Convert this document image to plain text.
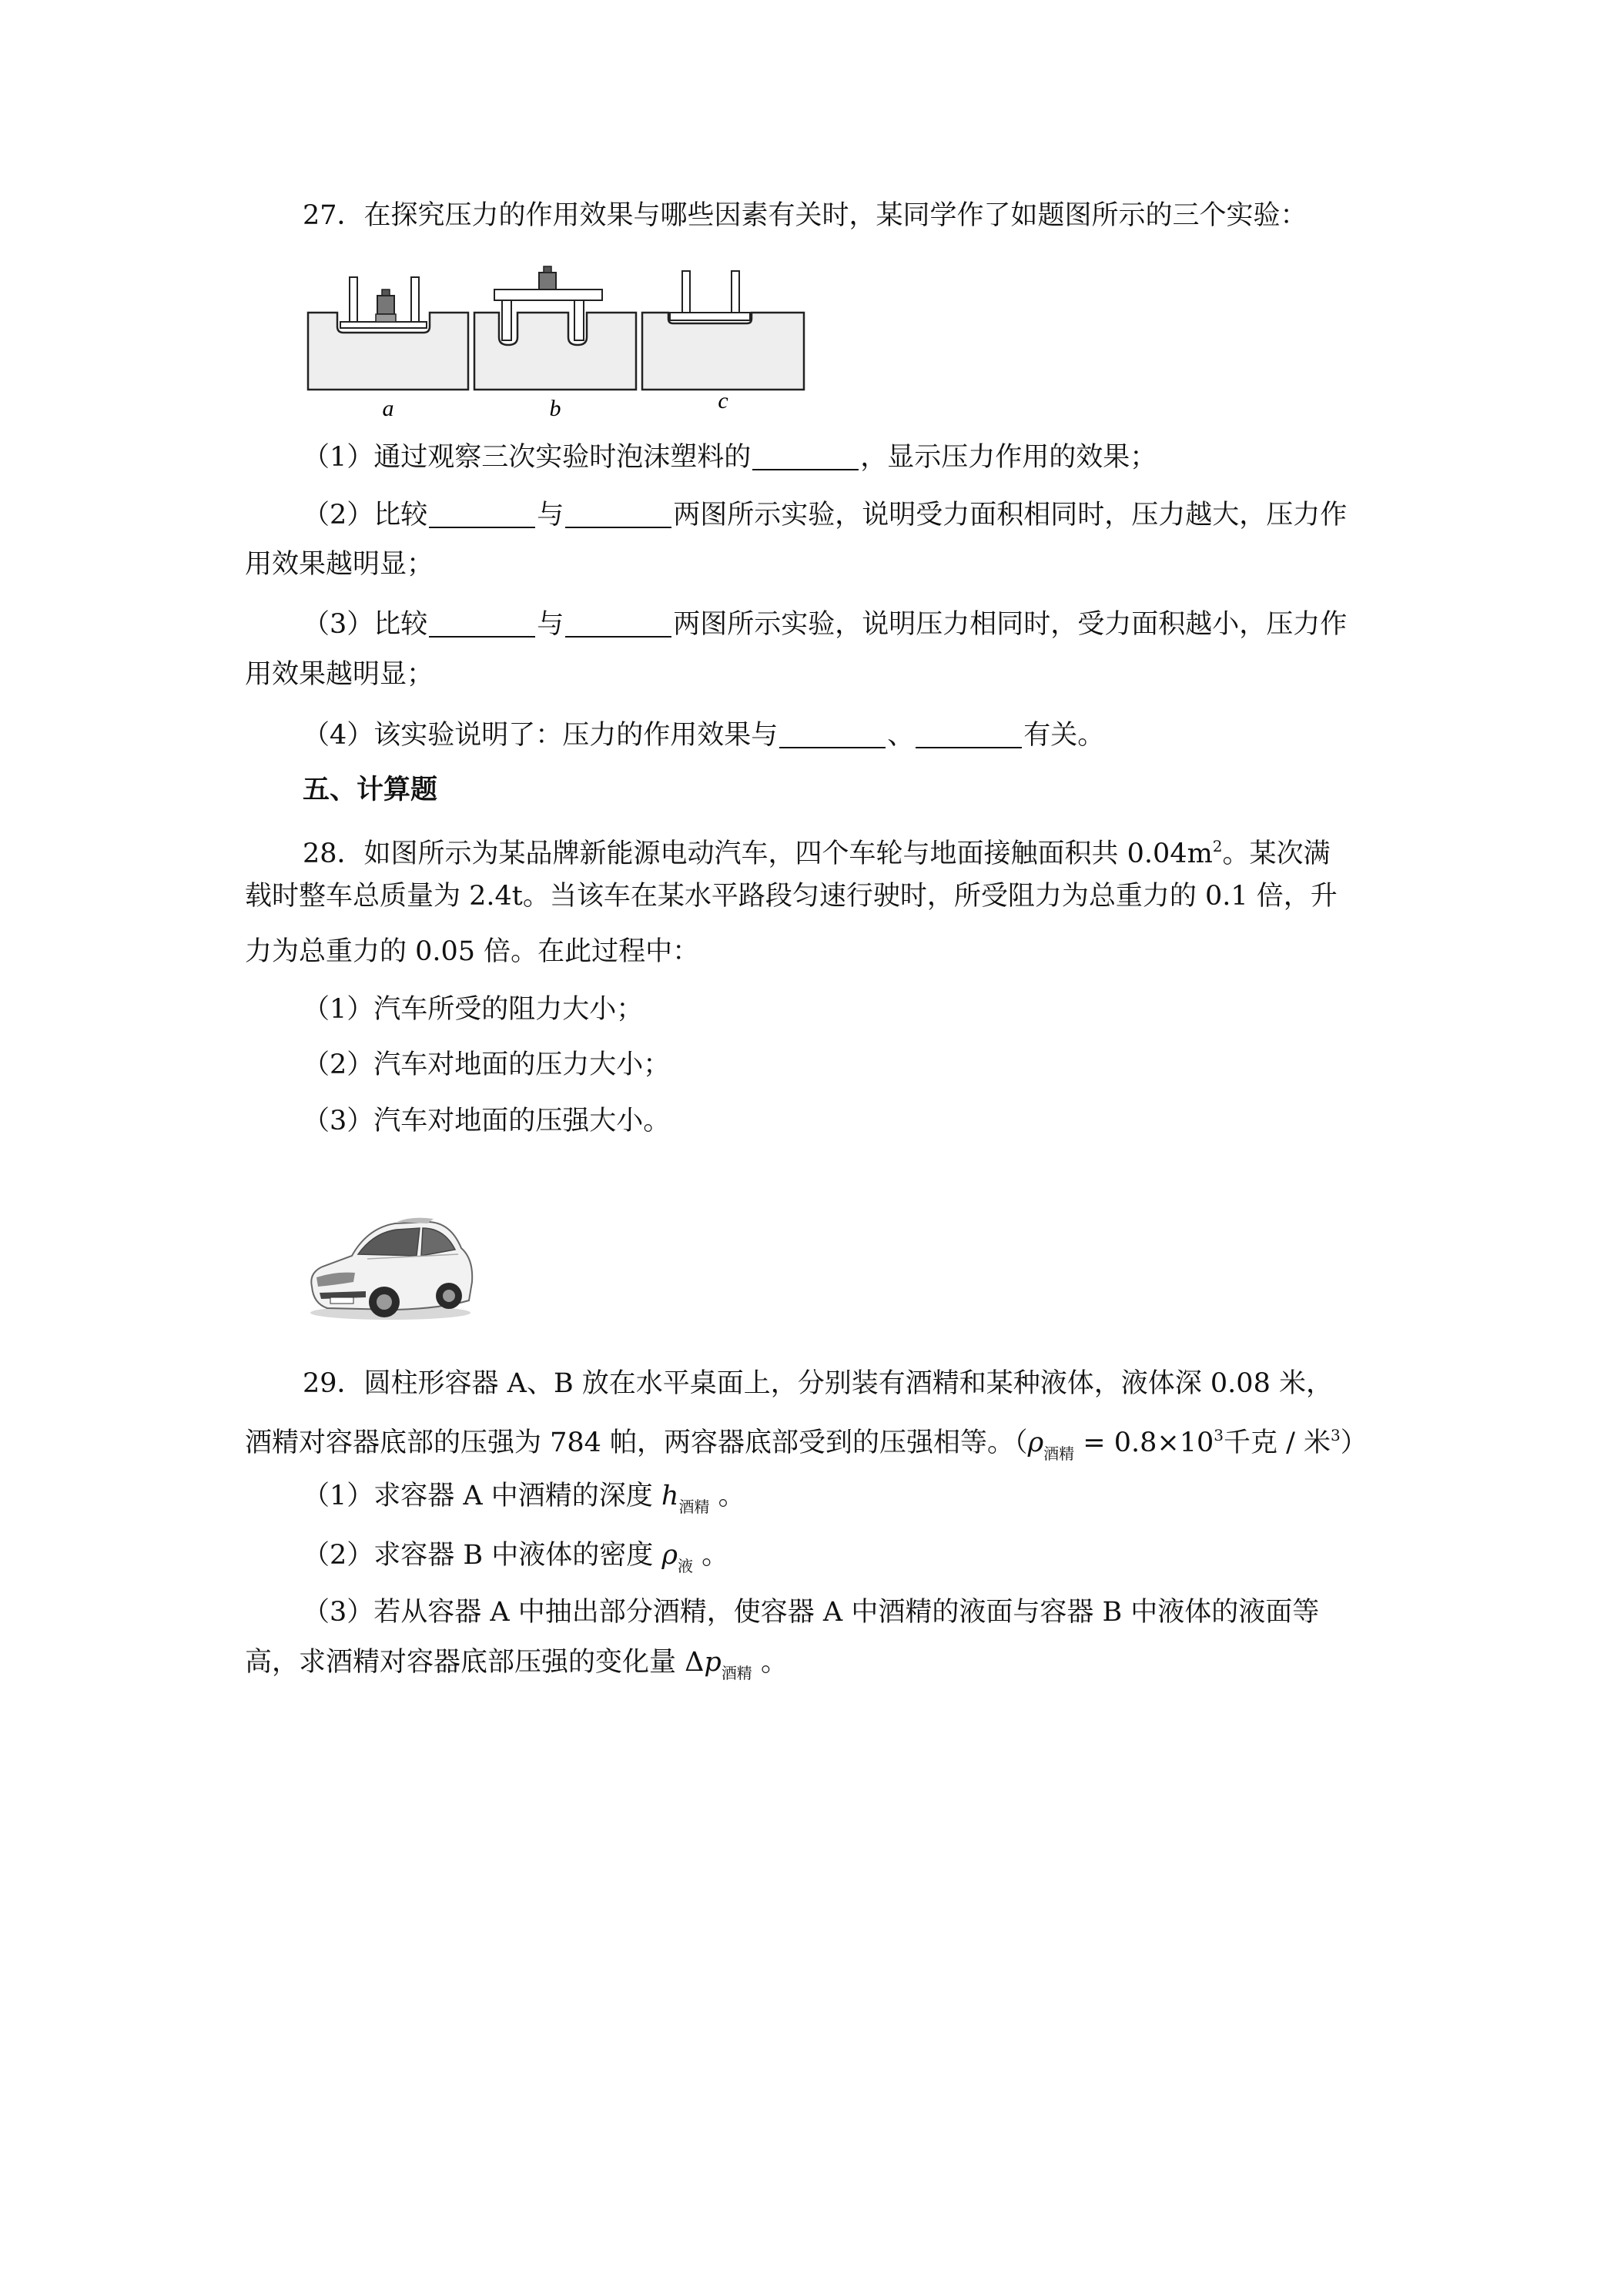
27．在探究压力的作用效果与哪些因素有关时，某同学作了如题图所示的三个实验：
a	b	c
（1）通过观察三次实验时泡沫塑料的	，显示压力作用的效果；
（2）比较	与	两图所示实验，说明受力面积相同时，压力越大，压力作
用效果越明显；
（3）比较	与	两图所示实验，说明压力相同时，受力面积越小，压力作
用效果越明显；
（4）该实验说明了：压力的作用效果与	、	有关。
五、计算题
28．如图所示为某品牌新能源电动汽车，四个车轮与地面接触面积共 $0.04m^2$。某次满
载时整车总质量为 2.4t。当该车在某水平路段匀速行驶时，所受阻力为总重力的 0.1 倍，升
力为总重力的 0.05 倍。在此过程中：
（1）汽车所受的阻力大小；
（2）汽车对地面的压力大小；
（3）汽车对地面的压强大小。
29．圆柱形容器 A、B 放在水平桌面上，分别装有酒精和某种液体，液体深 0.08 米，
酒精对容器底部的压强为 784 帕，两容器底部受到的压强相等。（$\rho_{酒精} = 0.8\times 10^3$千克 / 米$^3$）
（1）求容器 A 中酒精的深度 $h_{酒精}$ 。
（2）求容器 B 中液体的密度 $\rho_液$ 。
（3）若从容器 A 中抽出部分酒精，使容器 A 中酒精的液面与容器 B 中液体的液面等
高，求酒精对容器底部压强的变化量 $\Delta p_{酒精}$ 。
